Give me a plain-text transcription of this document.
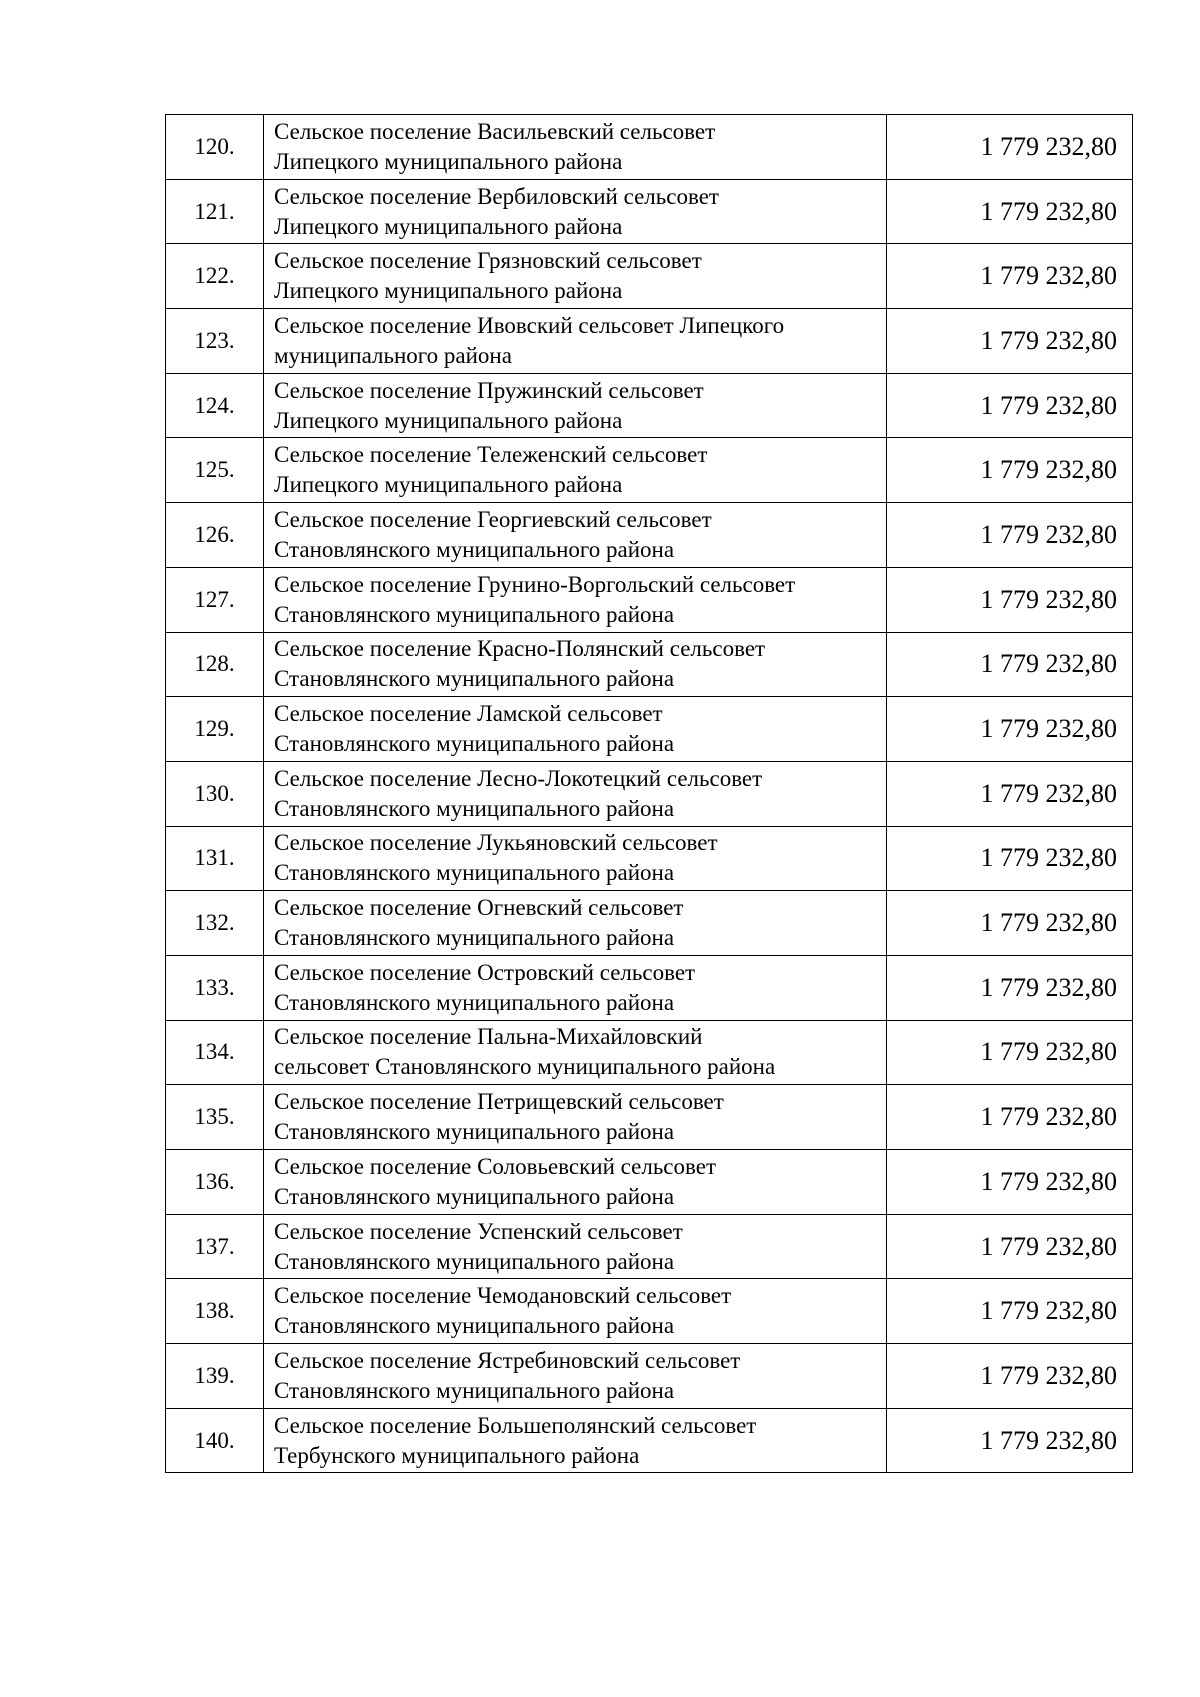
120.	Сельское поселение Васильевский сельсовет
Липецкого муниципального района	1 779 232,80
121.	Сельское поселение Вербиловский сельсовет
Липецкого муниципального района	1 779 232,80
122.	Сельское поселение Грязновский сельсовет
Липецкого муниципального района	1 779 232,80
123.	Сельское поселение Ивовский сельсовет Липецкого
муниципального района	1 779 232,80
124.	Сельское поселение Пружинский сельсовет
Липецкого муниципального района	1 779 232,80
125.	Сельское поселение Тележенский сельсовет
Липецкого муниципального района	1 779 232,80
126.	Сельское поселение Георгиевский сельсовет
Становлянского муниципального района	1 779 232,80
127.	Сельское поселение Грунино-Воргольский сельсовет
Становлянского муниципального района	1 779 232,80
128.	Сельское поселение Красно-Полянский сельсовет
Становлянского муниципального района	1 779 232,80
129.	Сельское поселение Ламской сельсовет
Становлянского муниципального района	1 779 232,80
130.	Сельское поселение Лесно-Локотецкий сельсовет
Становлянского муниципального района	1 779 232,80
131.	Сельское поселение Лукьяновский сельсовет
Становлянского муниципального района	1 779 232,80
132.	Сельское поселение Огневский сельсовет
Становлянского муниципального района	1 779 232,80
133.	Сельское поселение Островский сельсовет
Становлянского муниципального района	1 779 232,80
134.	Сельское поселение Пальна-Михайловский
сельсовет Становлянского муниципального района	1 779 232,80
135.	Сельское поселение Петрищевский сельсовет
Становлянского муниципального района	1 779 232,80
136.	Сельское поселение Соловьевский сельсовет
Становлянского муниципального района	1 779 232,80
137.	Сельское поселение Успенский сельсовет
Становлянского муниципального района	1 779 232,80
138.	Сельское поселение Чемодановский сельсовет
Становлянского муниципального района	1 779 232,80
139.	Сельское поселение Ястребиновский сельсовет
Становлянского муниципального района	1 779 232,80
140.	Сельское поселение Большеполянский сельсовет
Тербунского муниципального района	1 779 232,80
